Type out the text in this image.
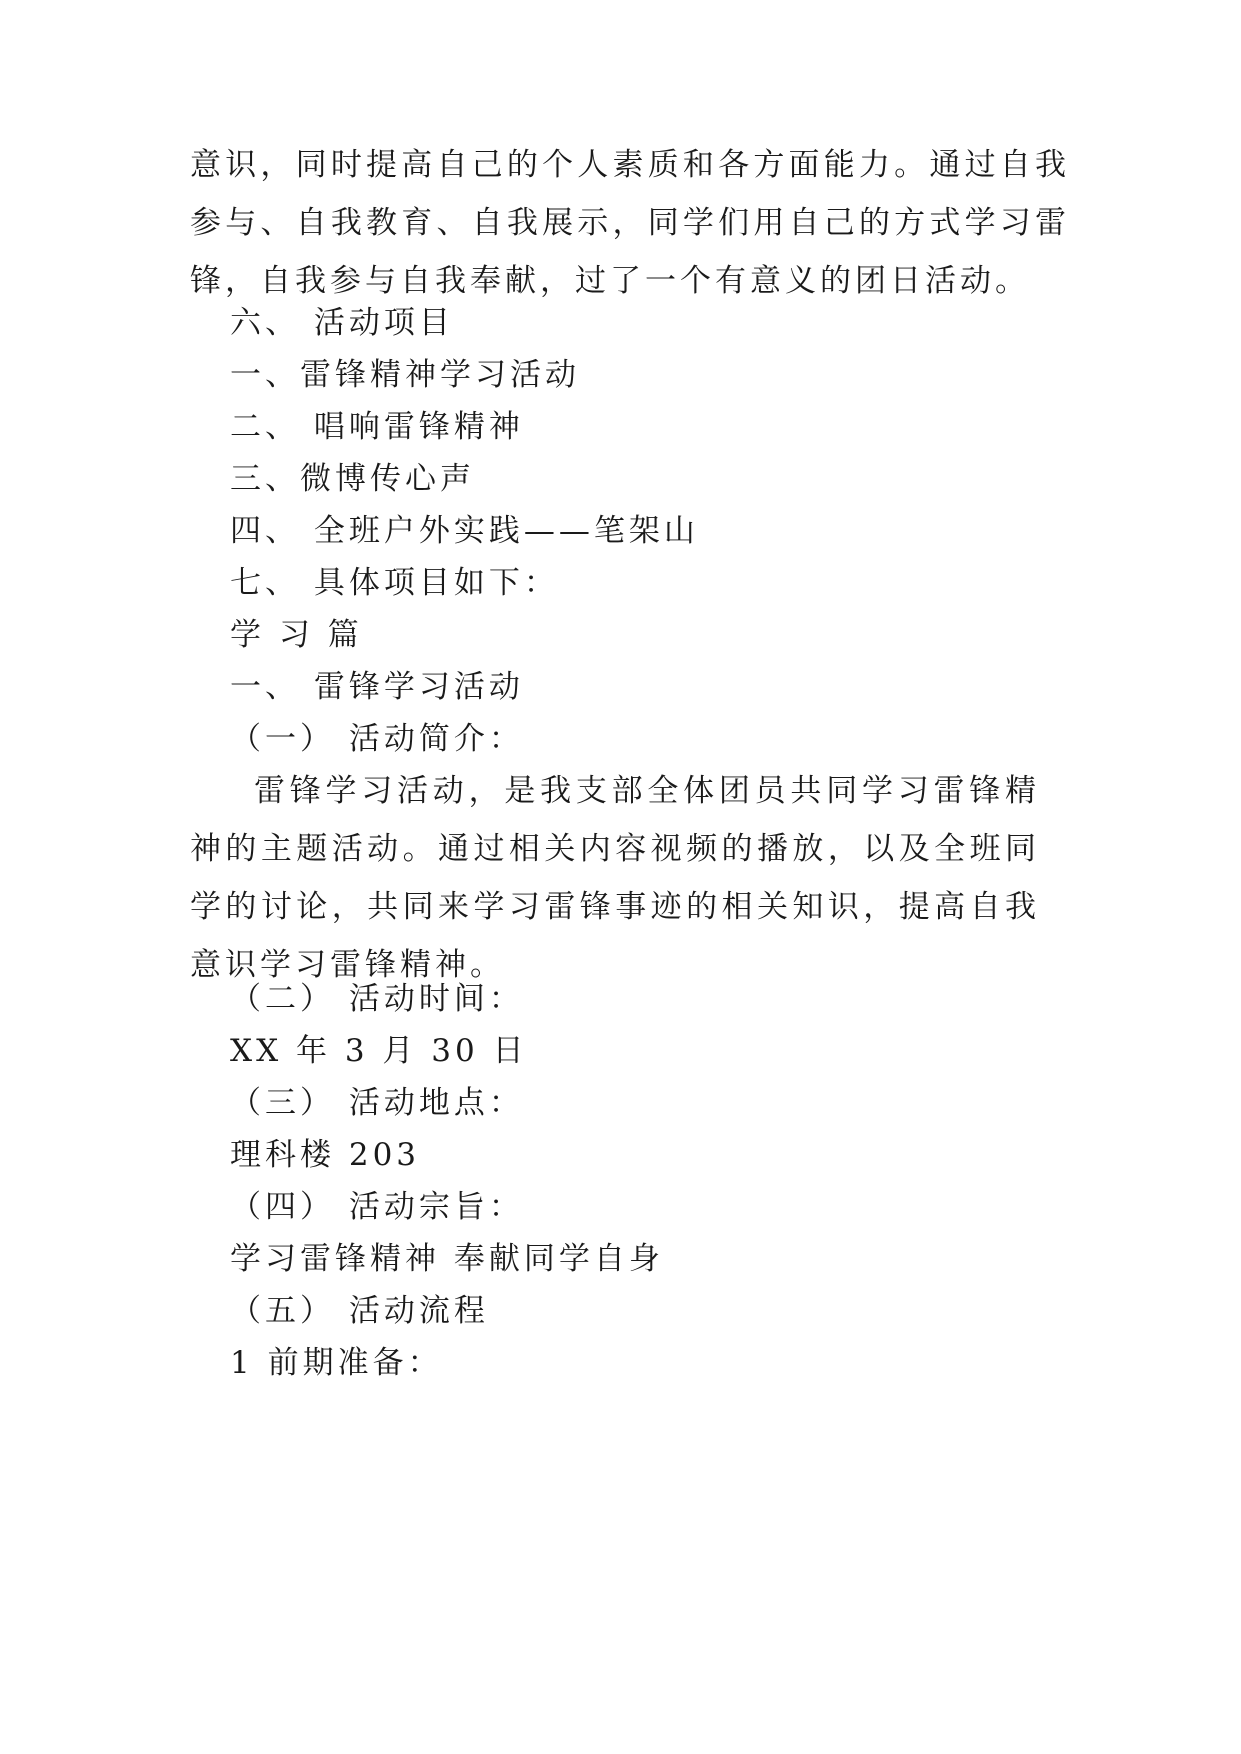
意识，同时提高自己的个人素质和各方面能力。通过自我参与、自我教育、自我展示，同学们用自己的方式学习雷锋，自我参与自我奉献，过了一个有意义的团日活动。

六、 活动项目

一、雷锋精神学习活动

二、 唱响雷锋精神

三、微博传心声

四、 全班户外实践——笔架山

七、 具体项目如下：

学 习 篇

一、 雷锋学习活动

（一） 活动简介：

雷锋学习活动，是我支部全体团员共同学习雷锋精神的主题活动。通过相关内容视频的播放，以及全班同学的讨论，共同来学习雷锋事迹的相关知识，提高自我意识学习雷锋精神。

（二） 活动时间：

XX 年 3 月 30 日

（三） 活动地点：

理科楼 203

（四） 活动宗旨：

学习雷锋精神 奉献同学自身

（五） 活动流程

1 前期准备：
